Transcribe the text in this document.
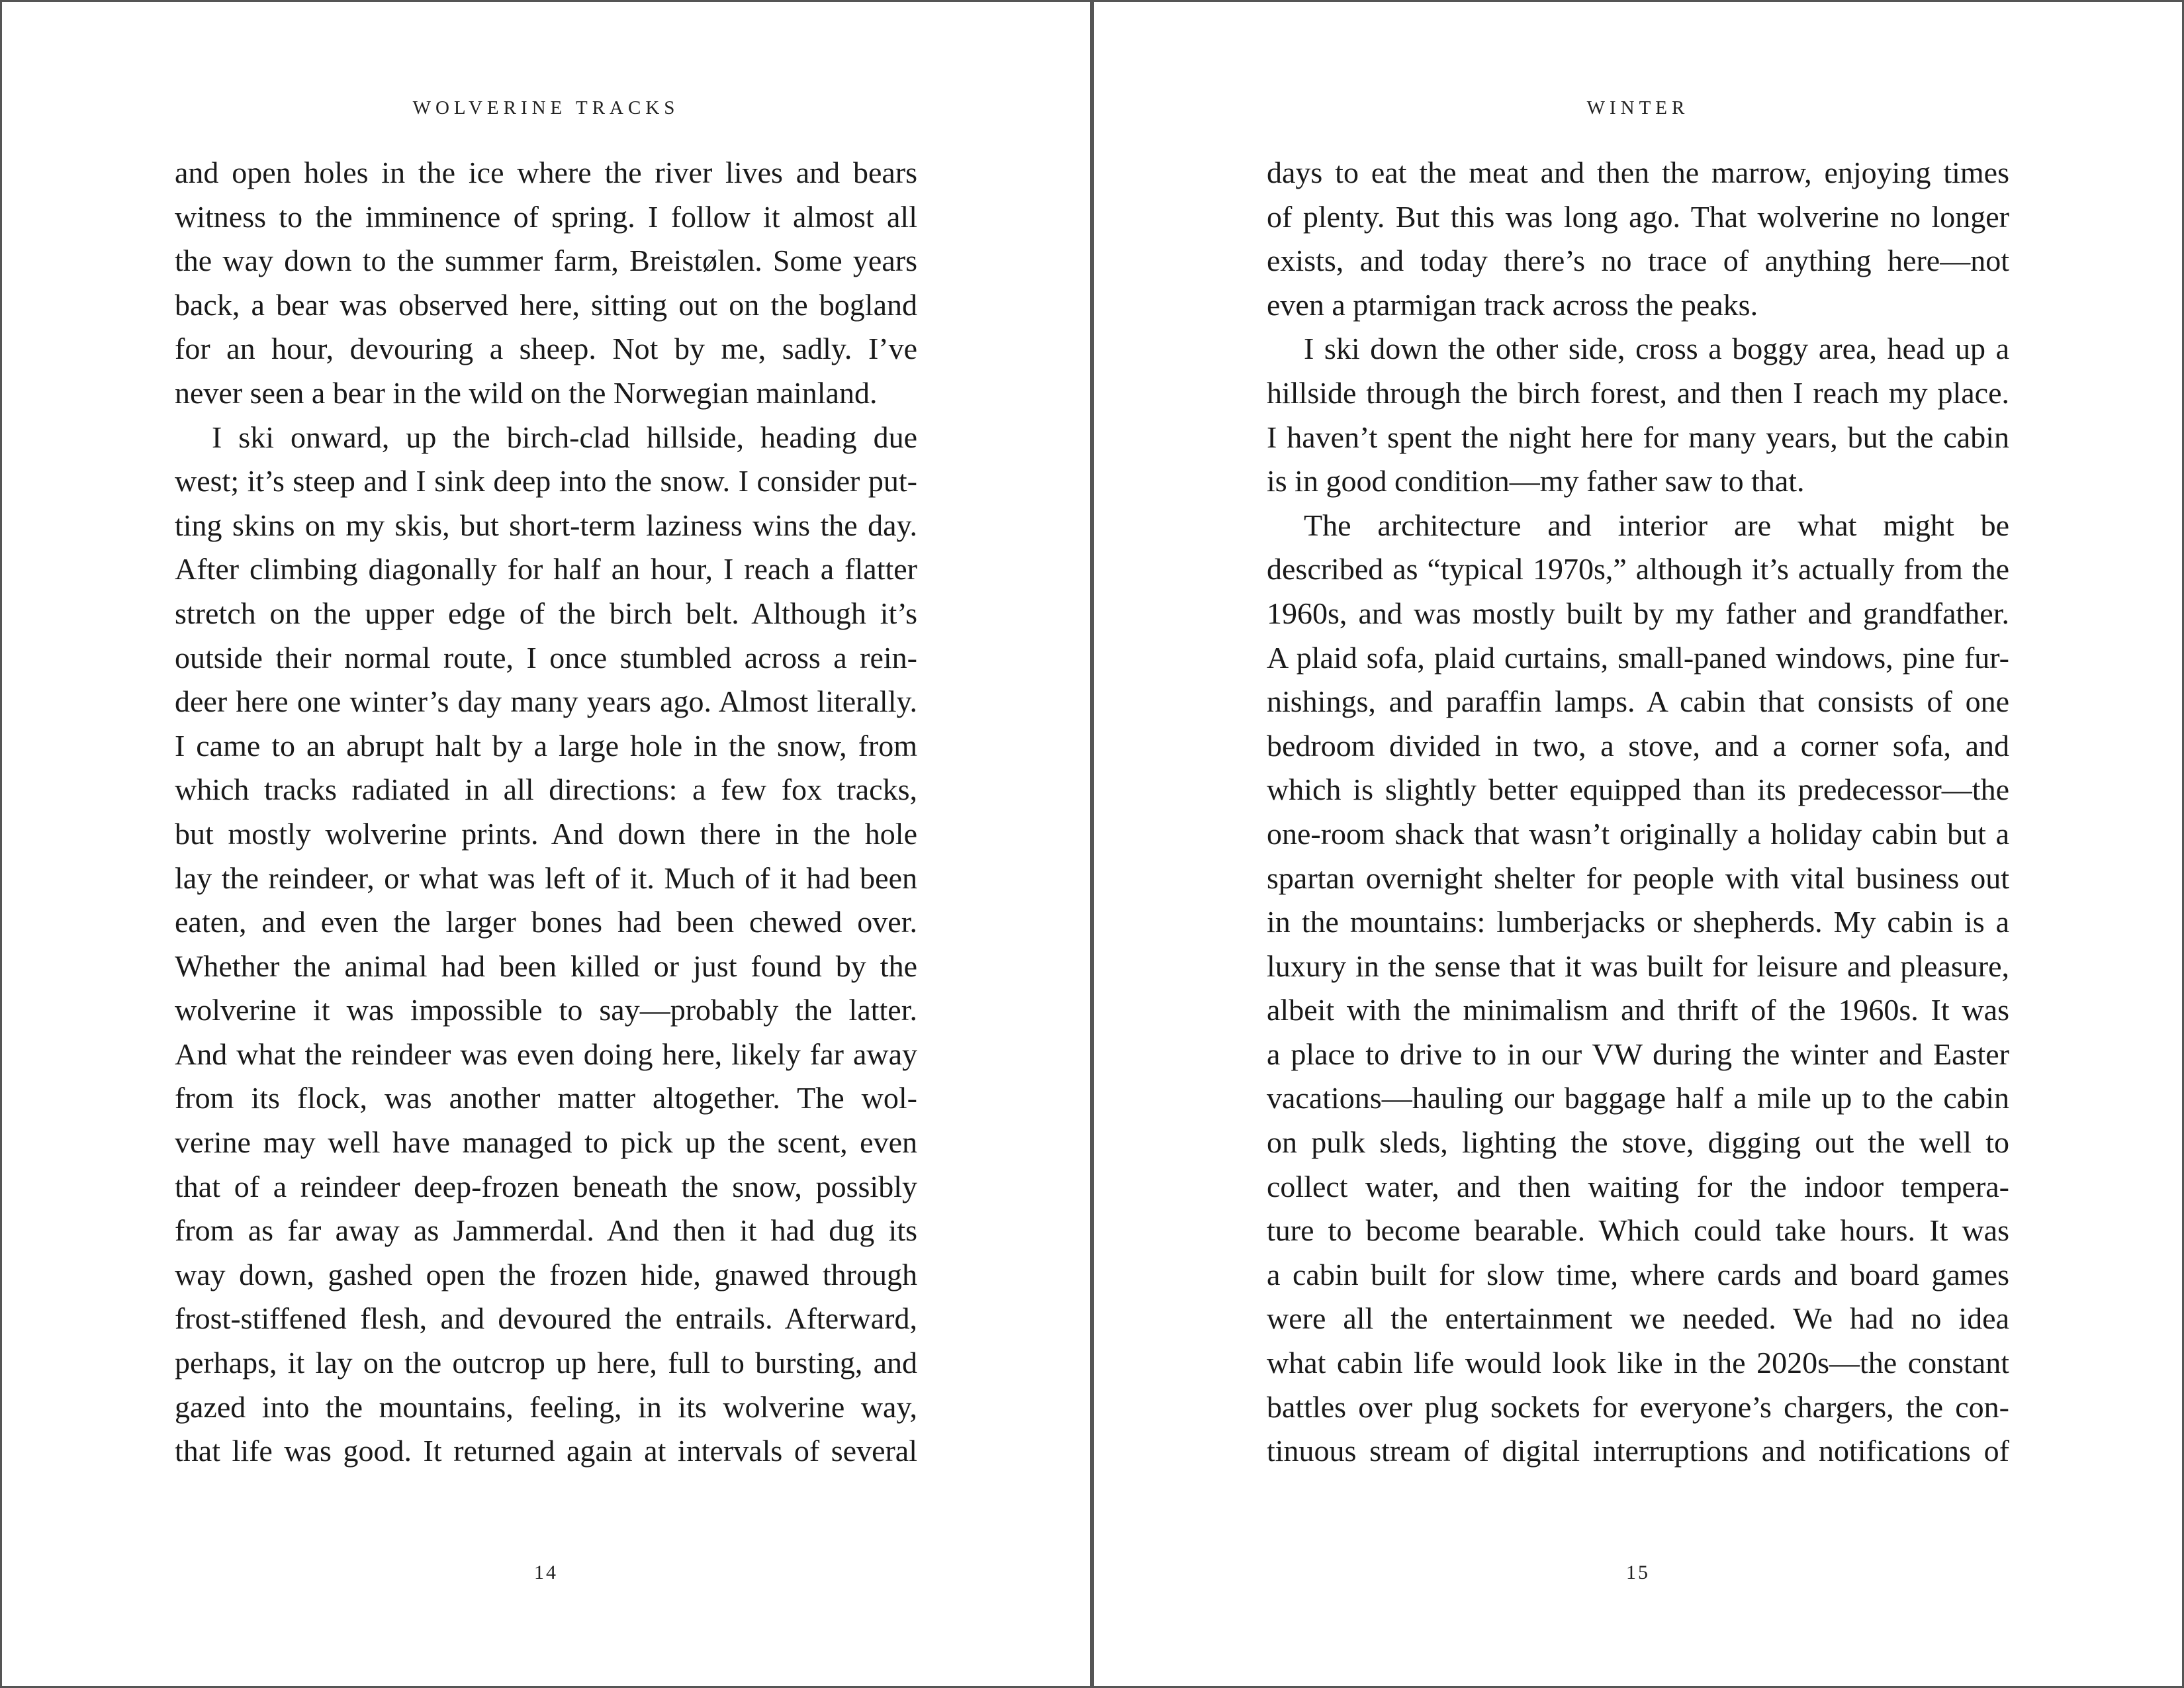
WOLVERINE TRACKS
14
and open holes in the ice where the river lives and bears
witness to the imminence of spring. I follow it almost all
the way down to the summer farm, Breistølen. Some years
back, a bear was observed here, sitting out on the bogland
for an hour, devouring a sheep. Not by me, sadly. I’ve
never seen a bear in the wild on the Norwegian mainland.
I ski onward, up the birch-clad hillside, heading due
west; it’s steep and I sink deep into the snow. I consider put-
ting skins on my skis, but short-term laziness wins the day.
After climbing diagonally for half an hour, I reach a flatter
stretch on the upper edge of the birch belt. Although it’s
outside their normal route, I once stumbled across a rein-
deer here one winter’s day many years ago. Almost literally.
I came to an abrupt halt by a large hole in the snow, from
which tracks radiated in all directions: a few fox tracks,
but mostly wolverine prints. And down there in the hole
lay the reindeer, or what was left of it. Much of it had been
eaten, and even the larger bones had been chewed over.
Whether the animal had been killed or just found by the
wolverine it was impossible to say—probably the latter.
And what the reindeer was even doing here, likely far away
from its flock, was another matter altogether. The wol-
verine may well have managed to pick up the scent, even
that of a reindeer deep-frozen beneath the snow, possibly
from as far away as Jammerdal. And then it had dug its
way down, gashed open the frozen hide, gnawed through
frost-stiffened flesh, and devoured the entrails. Afterward,
perhaps, it lay on the outcrop up here, full to bursting, and
gazed into the mountains, feeling, in its wolverine way,
that life was good. It returned again at intervals of several
WINTER
15
days to eat the meat and then the marrow, enjoying times
of plenty. But this was long ago. That wolverine no longer
exists, and today there’s no trace of anything here—not
even a ptarmigan track across the peaks.
I ski down the other side, cross a boggy area, head up a
hillside through the birch forest, and then I reach my place.
I haven’t spent the night here for many years, but the cabin
is in good condition—my father saw to that.
The architecture and interior are what might be
described as “typical 1970s,” although it’s actually from the
1960s, and was mostly built by my father and grandfather.
A plaid sofa, plaid curtains, small-paned windows, pine fur-
nishings, and paraffin lamps. A cabin that consists of one
bedroom divided in two, a stove, and a corner sofa, and
which is slightly better equipped than its predecessor—the
one-room shack that wasn’t originally a holiday cabin but a
spartan overnight shelter for people with vital business out
in the mountains: lumberjacks or shepherds. My cabin is a
luxury in the sense that it was built for leisure and pleasure,
albeit with the minimalism and thrift of the 1960s. It was
a place to drive to in our VW during the winter and Easter
vacations—hauling our baggage half a mile up to the cabin
on pulk sleds, lighting the stove, digging out the well to
collect water, and then waiting for the indoor tempera-
ture to become bearable. Which could take hours. It was
a cabin built for slow time, where cards and board games
were all the entertainment we needed. We had no idea
what cabin life would look like in the 2020s—the constant
battles over plug sockets for everyone’s chargers, the con-
tinuous stream of digital interruptions and notifications of
